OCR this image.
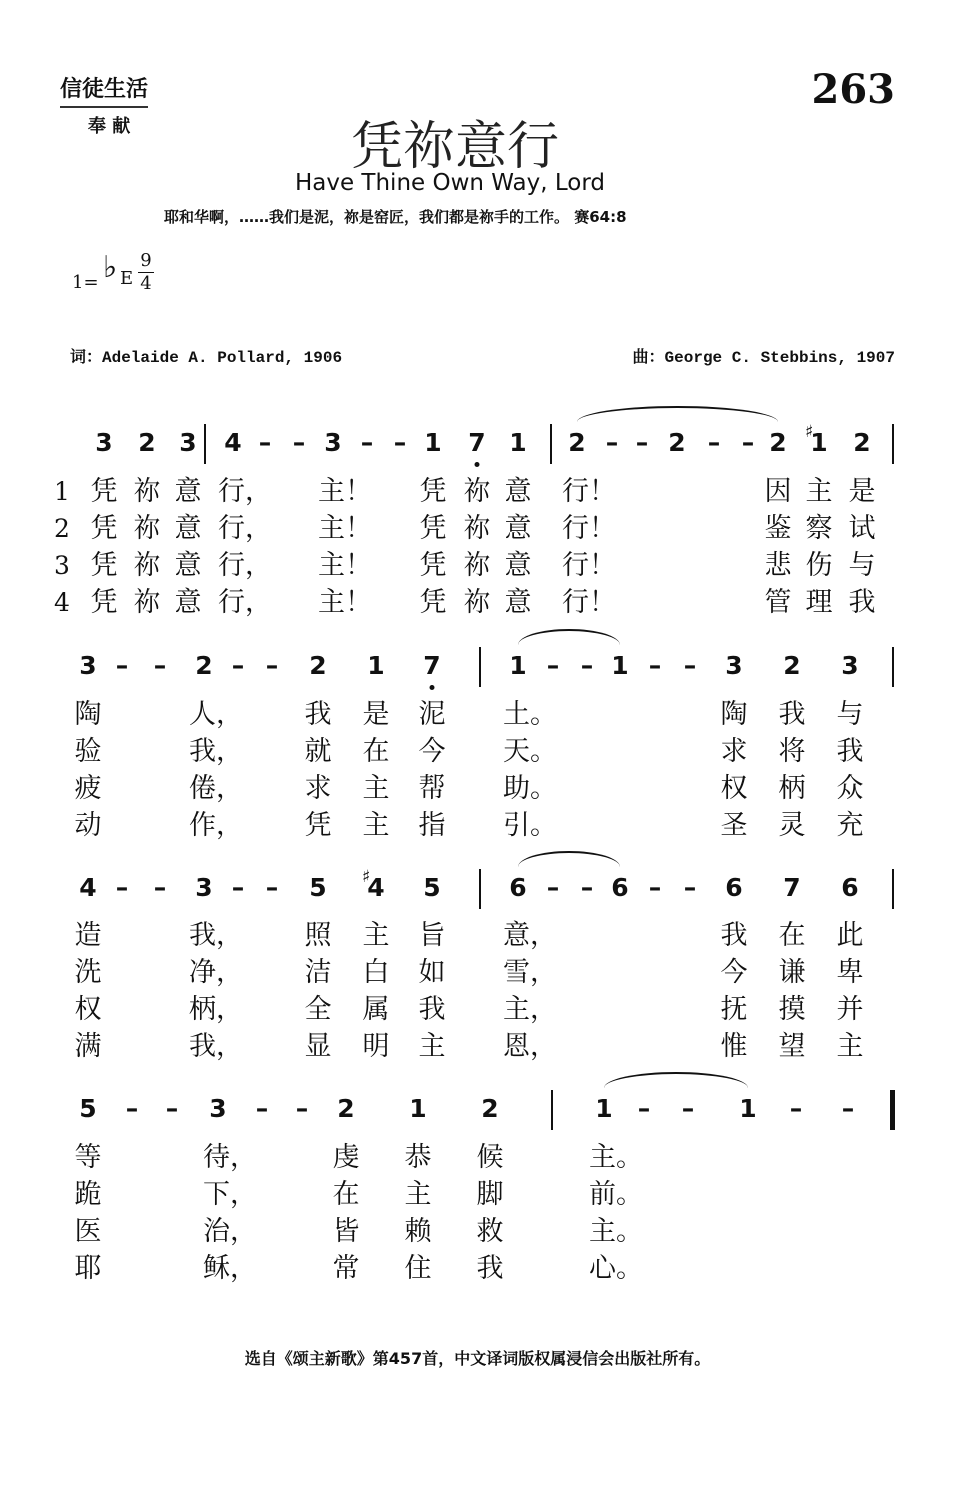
信徒生活
奉 献
263
凭祢意行
Have Thine Own Way, Lord
耶和华啊，……我们是泥，祢是窑匠，我们都是祢手的工作。 赛64:8
1= ♭ E
9
4
词：Adelaide A. Pollard, 1906	曲：George C. Stebbins, 1907
3 2 3 4 – – 3 – – 1 7 1 2 – – 2 – – 2 1
♯ 2
1 凭 祢 意 行， 主！ 凭 祢 意 行！	因 主 是
2 凭 祢 意 行， 主！ 凭 祢 意 行！	鉴 察 试
3 凭 祢 意 行， 主！ 凭 祢 意 行！	悲 伤 与
4 凭 祢 意 行， 主！ 凭 祢 意 行！	管 理 我
3 – – 2 – – 2 1 7	1 – – 1 – – 3 2 3
陶	人， 我 是 泥 土。	陶 我 与
验	我， 就 在 今 天。	求 将 我
疲	倦， 求 主 帮 助。	权 柄 众
动	作， 凭 主 指 引。	圣 灵 充
4 – – 3 – – 5 4
♯ 5	6 – – 6 – – 6 7 6
造	我， 照 主 旨 意，	我 在 此
洗	净， 洁 白 如 雪，	今 谦 卑
权	柄， 全 属 我 主，	抚 摸 并
满	我， 显 明 主 恩，	惟 望 主
5 – – 3 – – 2 1 2	1 – – 1 – –
等	待，	虔 恭 候	主。
跪	下，	在 主 脚	前。
医	治，	皆 赖 救	主。
耶	稣，	常 住 我	心。
选自《颂主新歌》第457首，中文译词版权属浸信会出版社所有。
